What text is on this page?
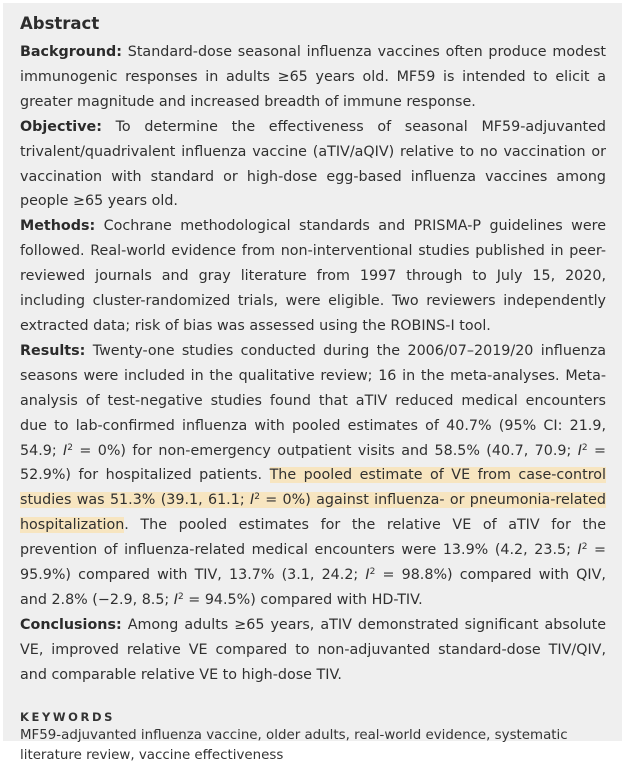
Abstract

Background: Standard-dose seasonal influenza vaccines often produce modest immunogenic responses in adults ≥65 years old. MF59 is intended to elicit a greater magnitude and increased breadth of immune response.

Objective: To determine the effectiveness of seasonal MF59-adjuvanted trivalent/quadrivalent influenza vaccine (aTIV/aQIV) relative to no vaccination or vaccination with standard or high-dose egg-based influenza vaccines among people ≥65 years old.

Methods: Cochrane methodological standards and PRISMA-P guidelines were followed. Real-world evidence from non-interventional studies published in peer-reviewed journals and gray literature from 1997 through to July 15, 2020, including cluster-randomized trials, were eligible. Two reviewers independently extracted data; risk of bias was assessed using the ROBINS-I tool.

Results: Twenty-one studies conducted during the 2006/07–2019/20 influenza seasons were included in the qualitative review; 16 in the meta-analyses. Meta-analysis of test-negative studies found that aTIV reduced medical encounters due to lab-confirmed influenza with pooled estimates of 40.7% (95% CI: 21.9, 54.9; $I^2 = 0\%$) for non-emergency outpatient visits and 58.5% (40.7, 70.9; $I^2 = 52.9\%$) for hospitalized patients. The pooled estimate of VE from case-control studies was 51.3% (39.1, 61.1; $I^2 = 0\%$) against influenza- or pneumonia-related hospitalization. The pooled estimates for the relative VE of aTIV for the prevention of influenza-related medical encounters were 13.9% (4.2, 23.5; $I^2 = 95.9\%$) compared with TIV, 13.7% (3.1, 24.2; $I^2 = 98.8\%$) compared with QIV, and 2.8% (−2.9, 8.5; $I^2 = 94.5\%$) compared with HD-TIV.

Conclusions: Among adults ≥65 years, aTIV demonstrated significant absolute VE, improved relative VE compared to non-adjuvanted standard-dose TIV/QIV, and comparable relative VE to high-dose TIV.

KEYWORDS
MF59-adjuvanted influenza vaccine, older adults, real-world evidence, systematic literature review, vaccine effectiveness
